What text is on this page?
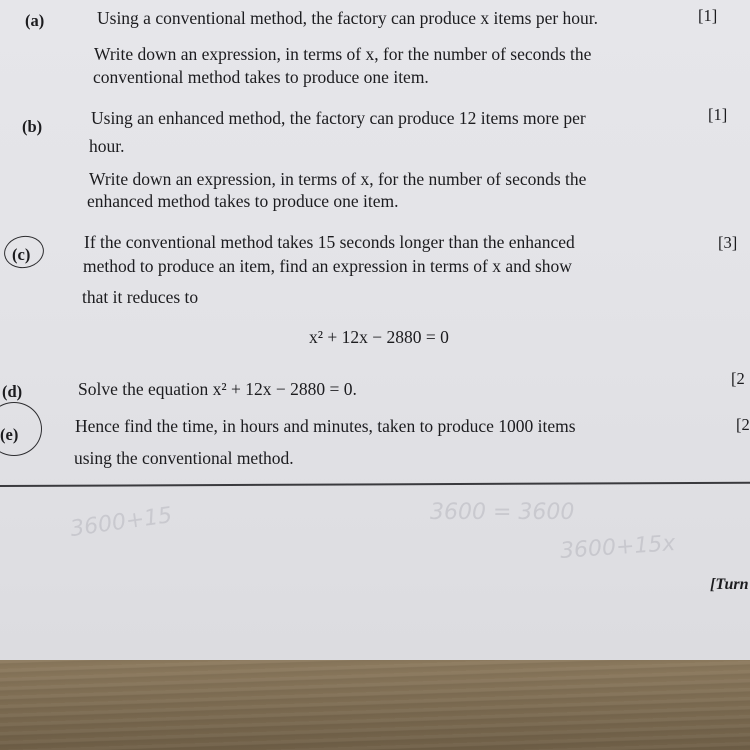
3600+15	3600 = 3600
3600+15x
(a)	Using a conventional method, the factory can produce x items per hour.	[1]
Write down an expression, in terms of x, for the number of seconds the
conventional method takes to produce one item.
(b)	Using an enhanced method, the factory can produce 12 items more per	[1]
hour.
Write down an expression, in terms of x, for the number of seconds the
enhanced method takes to produce one item.
(c)
If the conventional method takes 15 seconds longer than the enhanced	[3]
method to produce an item, find an expression in terms of x and show
that it reduces to
x² + 12x − 2880 = 0
(d)	Solve the equation x² + 12x − 2880 = 0.
[2
(e)	Hence find the time, in hours and minutes, taken to produce 1000 items	[2
using the conventional method.
[Turn
